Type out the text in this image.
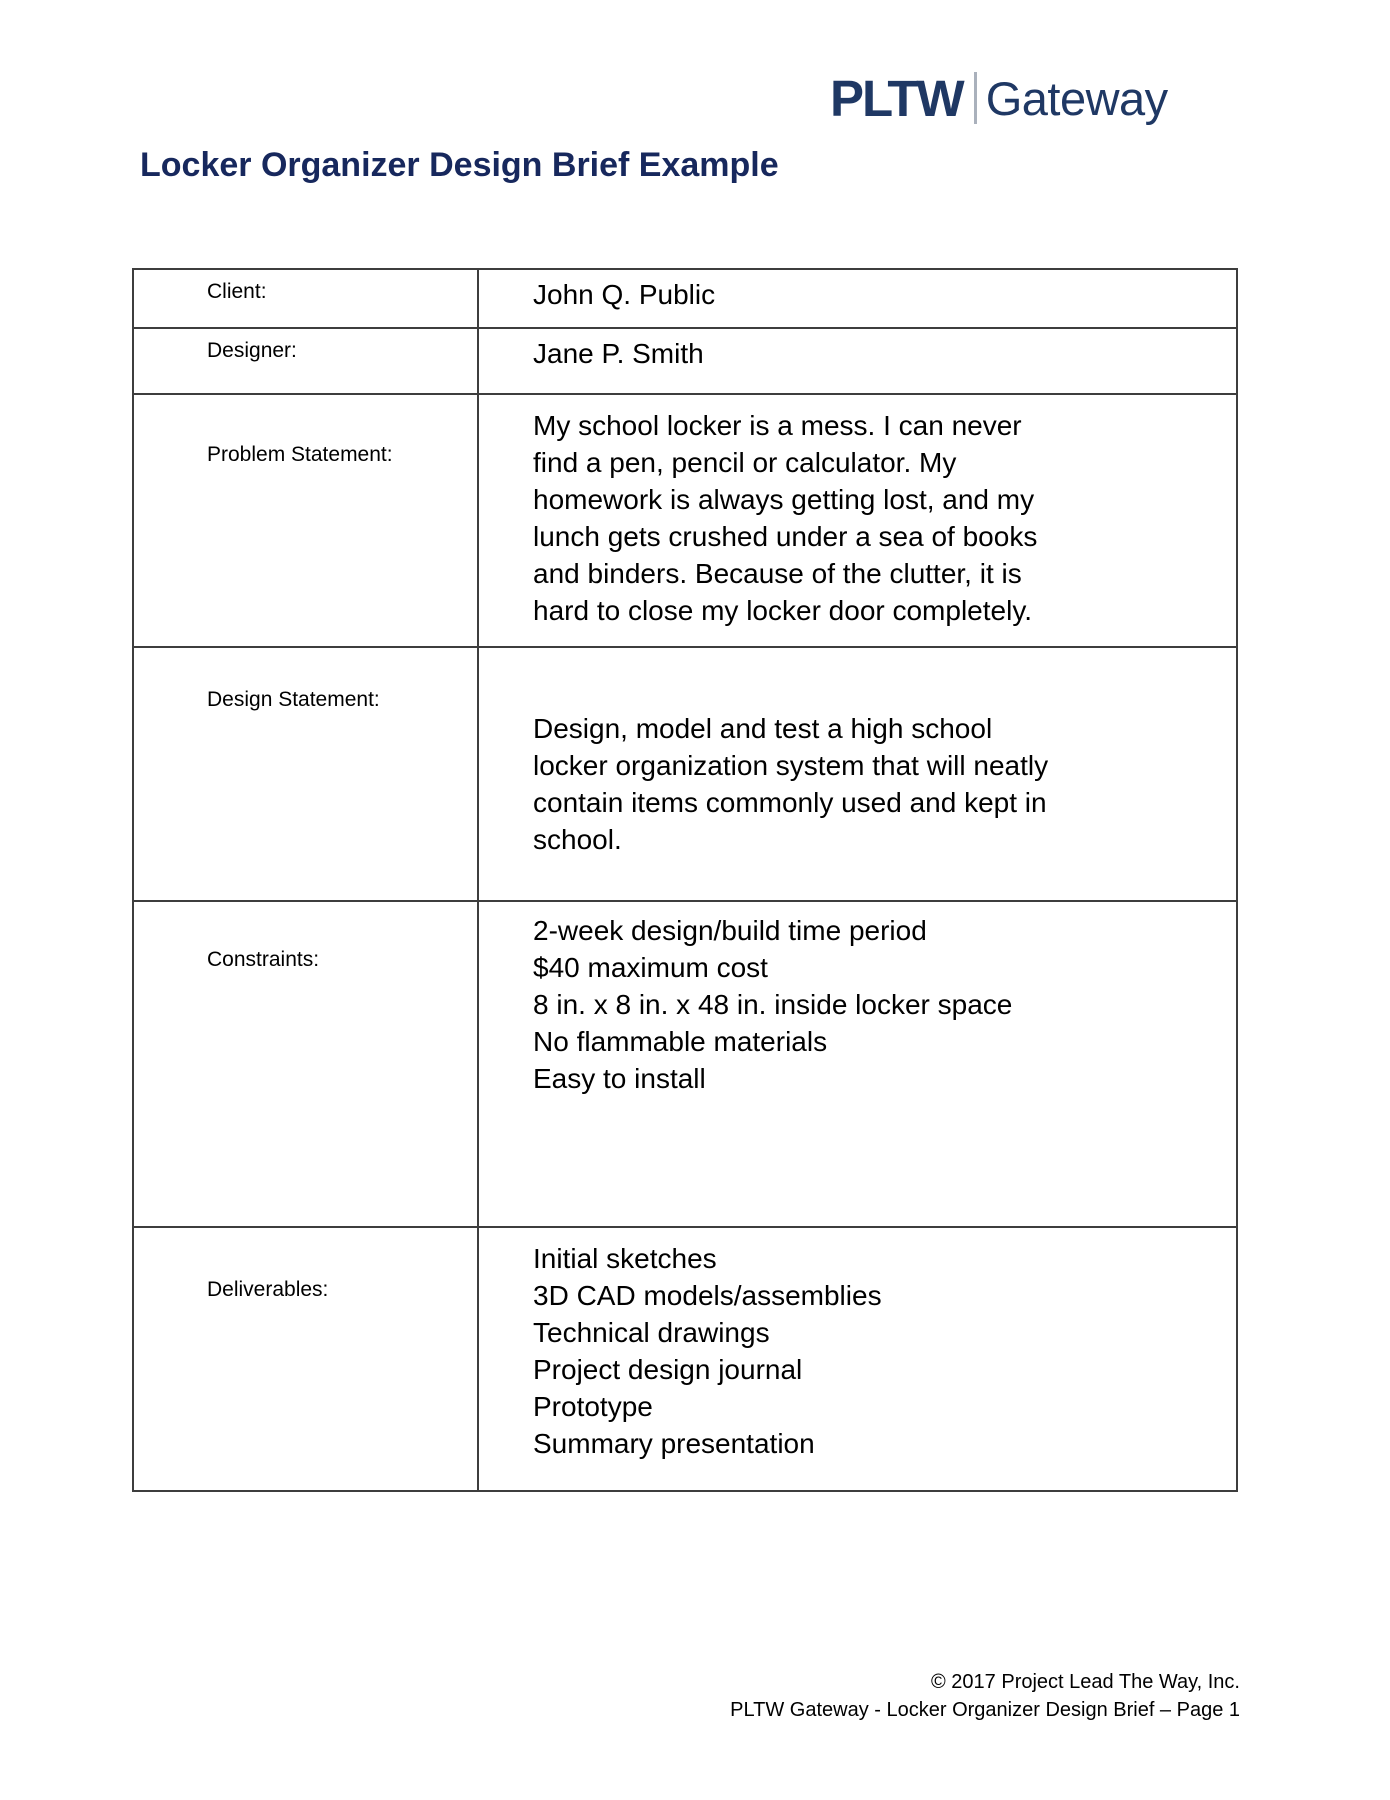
PLTW Gateway
Locker Organizer Design Brief Example
Client:	John Q. Public

Designer:	Jane P. Smith

Problem Statement:	
My school locker is a mess. I can never
find a pen, pencil or calculator. My
homework is always getting lost, and my
lunch gets crushed under a sea of books
and binders. Because of the clutter, it is
hard to close my locker door completely.

Design Statement:	Design, model and test a high school
locker organization system that will neatly
contain items commonly used and kept in
school.

Constraints:	2-week design/build time period
$40 maximum cost
8 in. x 8 in. x 48 in. inside locker space
No flammable materials
Easy to install

Deliverables:	
Initial sketches
3D CAD models/assemblies
Technical drawings
Project design journal
Prototype
Summary presentation
© 2017 Project Lead The Way, Inc.
PLTW Gateway - Locker Organizer Design Brief – Page 1
